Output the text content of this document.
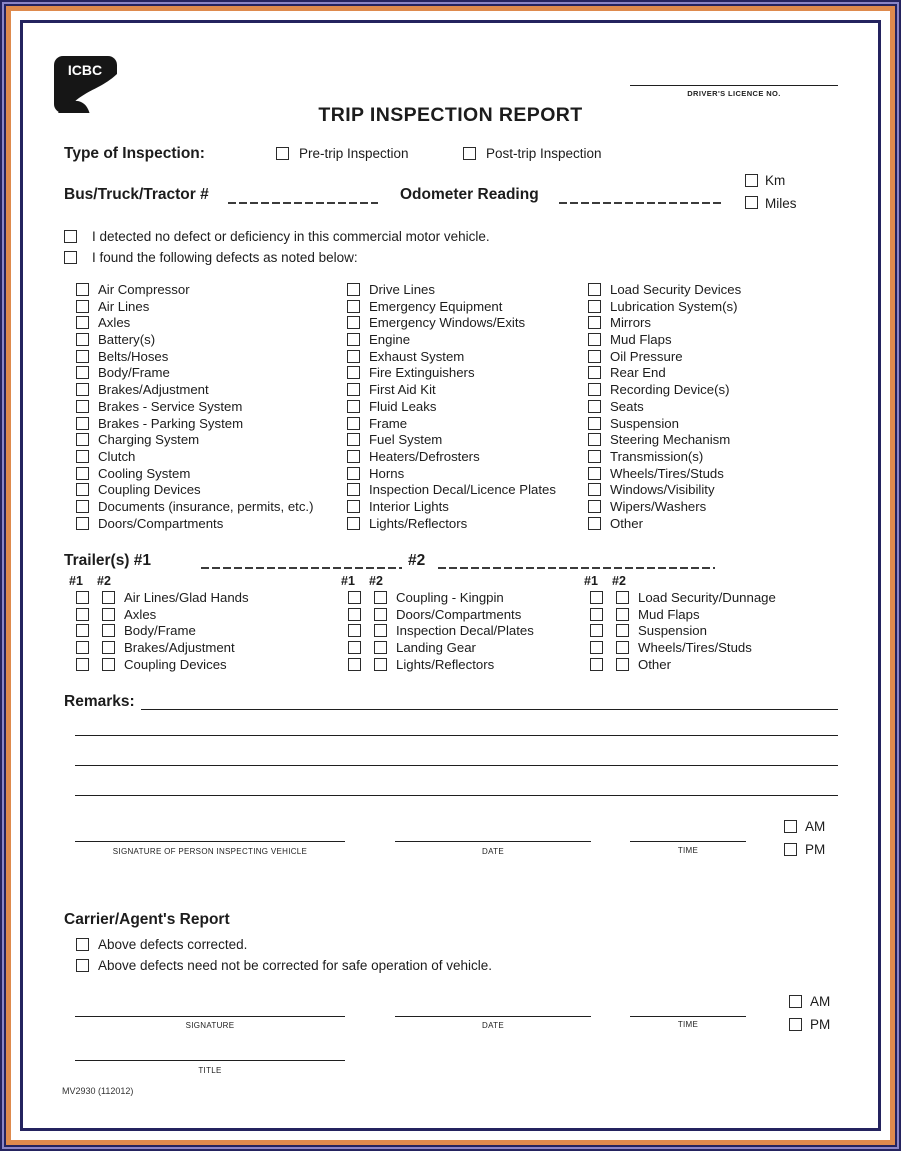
ICBC
DRIVER'S LICENCE NO.
TRIP INSPECTION REPORT
Type of Inspection:	Pre-trip Inspection	Post-trip Inspection
Bus/Truck/Tractor #	Odometer Reading
Km
Miles
I detected no defect or deficiency in this commercial motor vehicle.
I found the following defects as noted below:
Air Compressor
Air Lines
Axles
Battery(s)
Belts/Hoses
Body/Frame
Brakes/Adjustment
Brakes - Service System
Brakes - Parking System
Charging System
Clutch
Cooling System
Coupling Devices
Documents (insurance, permits, etc.)
Doors/Compartments
Drive Lines
Emergency Equipment
Emergency Windows/Exits
Engine
Exhaust System
Fire Extinguishers
First Aid Kit
Fluid Leaks
Frame
Fuel System
Heaters/Defrosters
Horns
Inspection Decal/Licence Plates
Interior Lights
Lights/Reflectors
Load Security Devices
Lubrication System(s)
Mirrors
Mud Flaps
Oil Pressure
Rear End
Recording Device(s)
Seats
Suspension
Steering Mechanism
Transmission(s)
Wheels/Tires/Studs
Windows/Visibility
Wipers/Washers
Other
Trailer(s) #1	#2
#1 #2	#1 #2	#1 #2
Air Lines/Glad Hands
Axles
Body/Frame
Brakes/Adjustment
Coupling Devices
Coupling - Kingpin
Doors/Compartments
Inspection Decal/Plates
Landing Gear
Lights/Reflectors
Load Security/Dunnage
Mud Flaps
Suspension
Wheels/Tires/Studs
Other
Remarks:
SIGNATURE OF PERSON INSPECTING VEHICLE	DATE	TIME
AM
PM
Carrier/Agent's Report
Above defects corrected.
Above defects need not be corrected for safe operation of vehicle.
SIGNATURE	DATE	TIME
AM
PM
TITLE
MV2930 (112012)
